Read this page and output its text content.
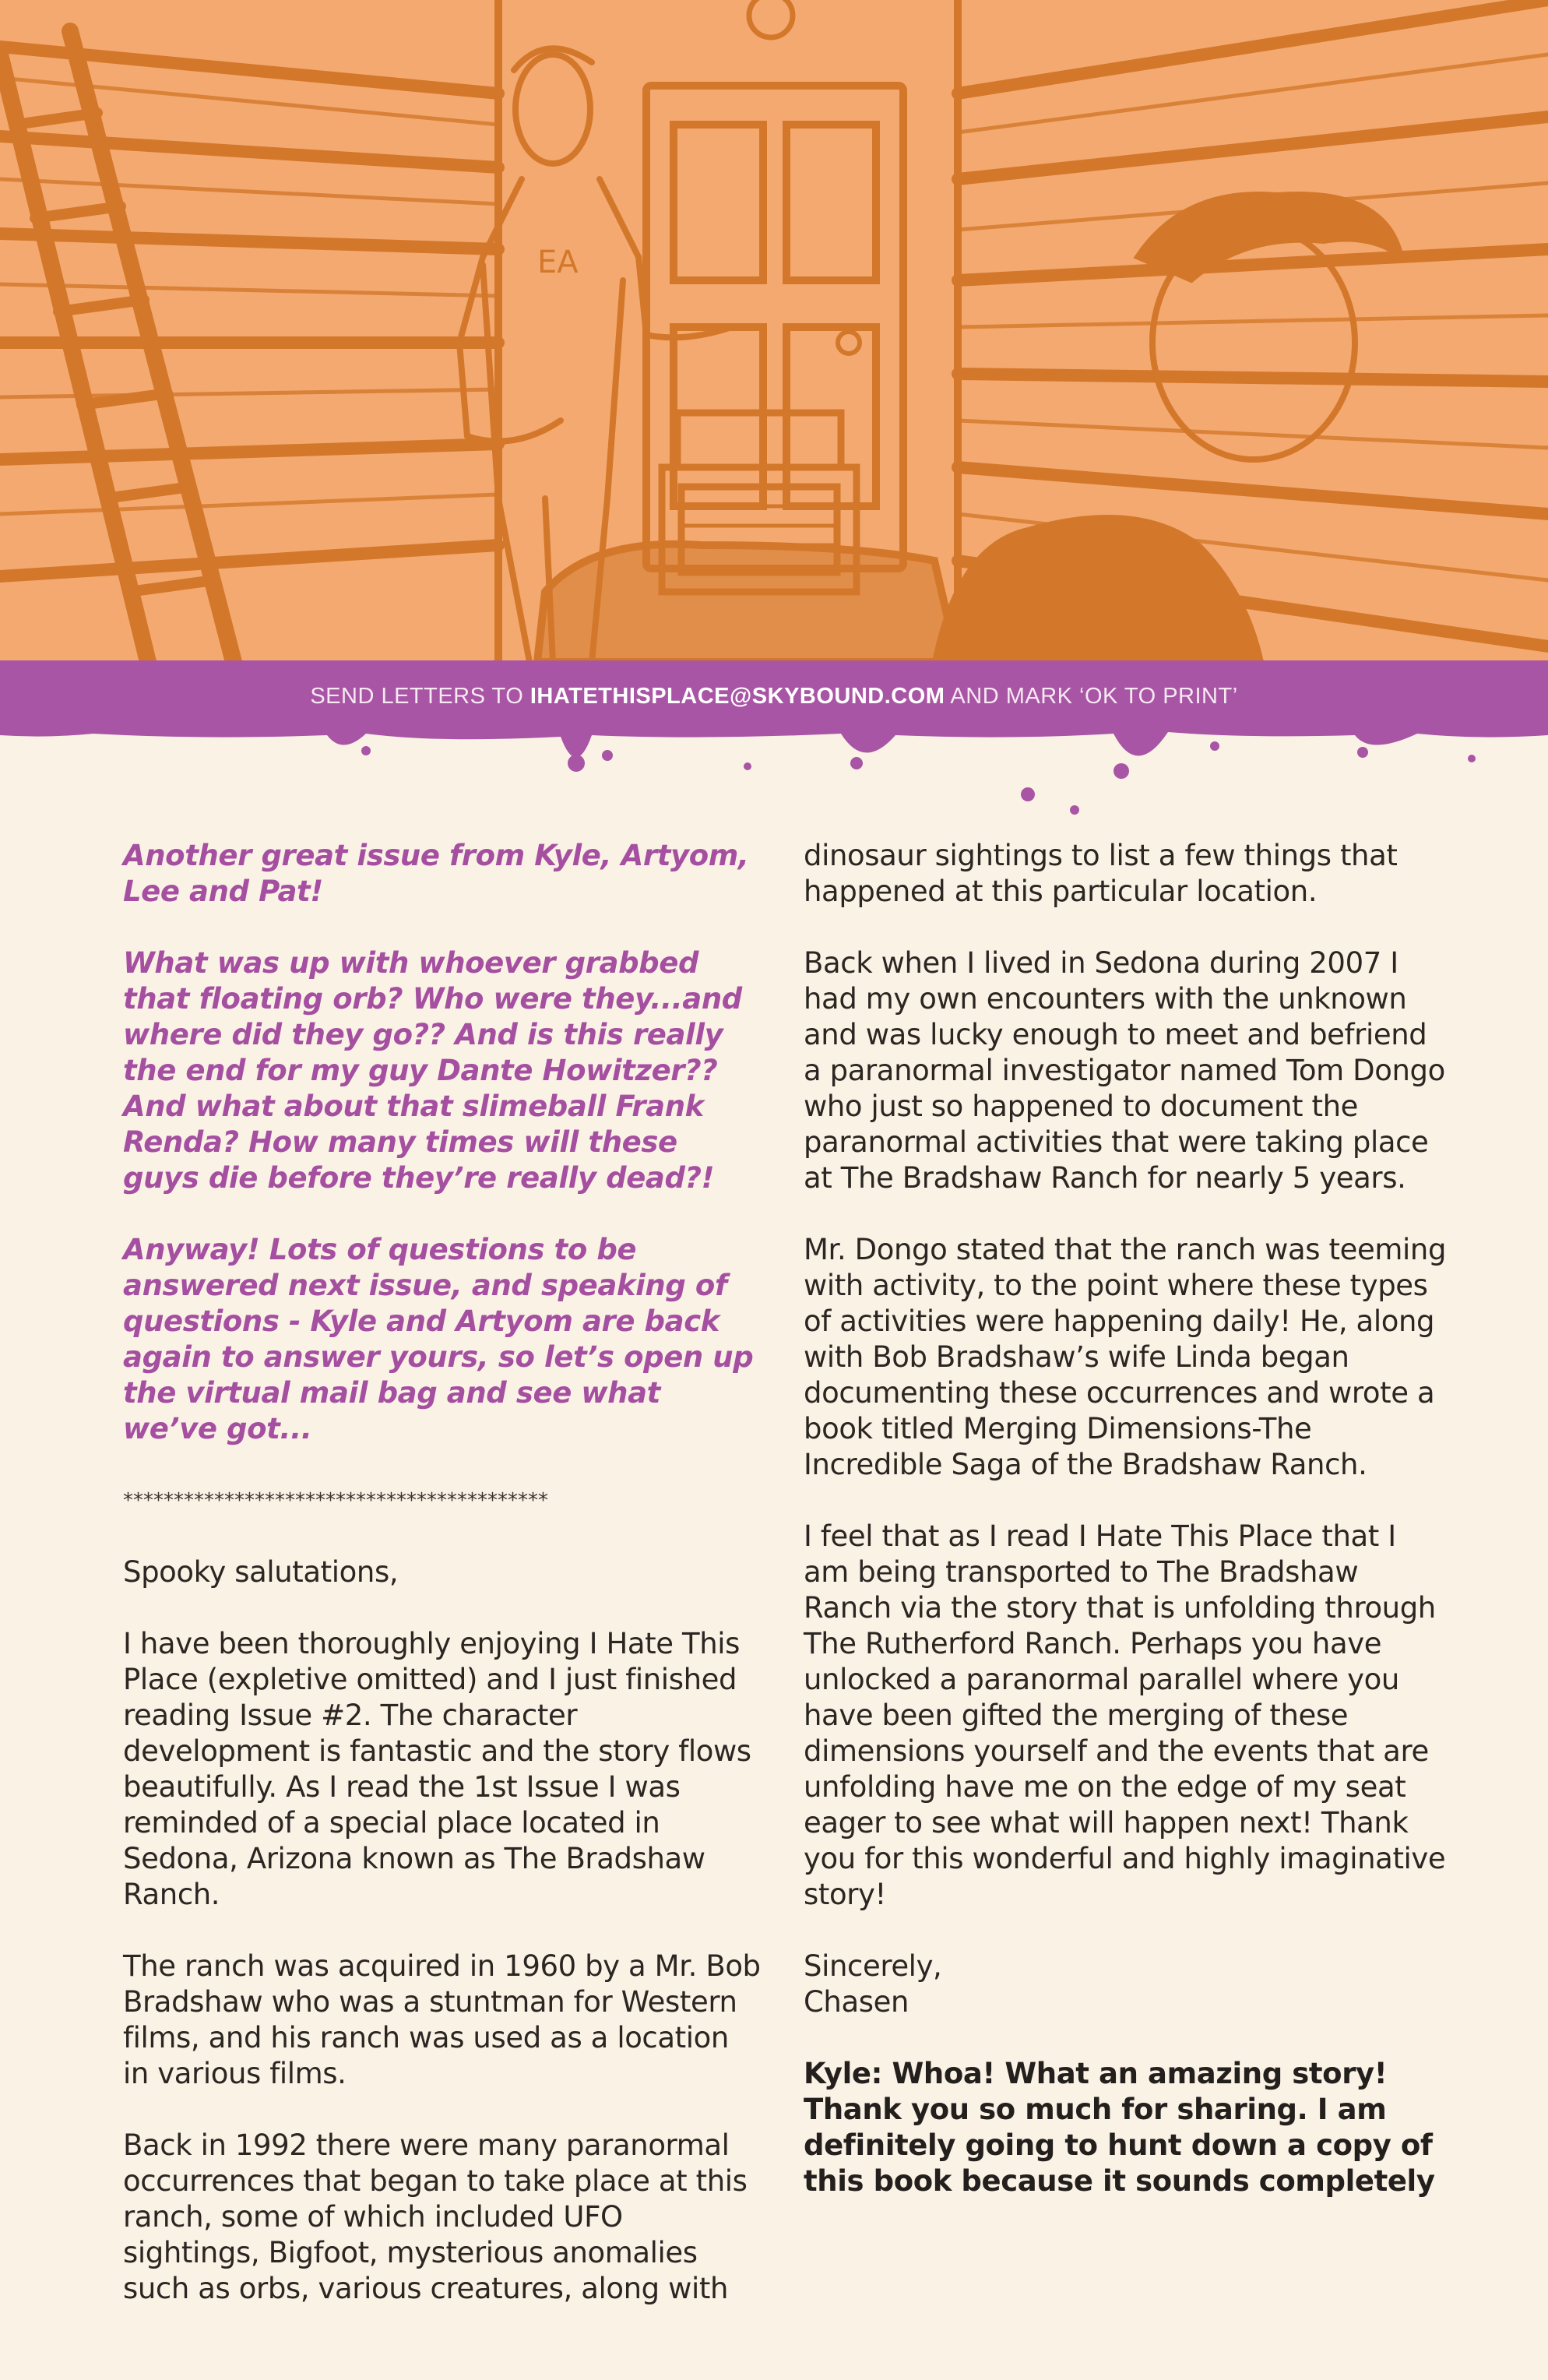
EA
SEND LETTERS TO IHATETHISPLACE@SKYBOUND.COM AND MARK ‘OK TO PRINT’

Another great issue from Kyle, Artyom, Lee and Pat!

What was up with whoever grabbed that floating orb? Who were they...and where did they go?? And is this really the end for my guy Dante Howitzer?? And what about that slimeball Frank Renda? How many times will these guys die before they’re really dead?!

Anyway! Lots of questions to be answered next issue, and speaking of questions - Kyle and Artyom are back again to answer yours, so let’s open up the virtual mail bag and see what we’ve got...

******************************************

Spooky salutations,

I have been thoroughly enjoying I Hate This Place (expletive omitted) and I just finished reading Issue #2. The character development is fantastic and the story flows beautifully. As I read the 1st Issue I was reminded of a special place located in Sedona, Arizona known as The Bradshaw Ranch.

The ranch was acquired in 1960 by a Mr. Bob Bradshaw who was a stuntman for Western films, and his ranch was used as a location in various films.

Back in 1992 there were many paranormal occurrences that began to take place at this ranch, some of which included UFO sightings, Bigfoot, mysterious anomalies such as orbs, various creatures, along with

dinosaur sightings to list a few things that happened at this particular location.

Back when I lived in Sedona during 2007 I had my own encounters with the unknown and was lucky enough to meet and befriend a paranormal investigator named Tom Dongo who just so happened to document the paranormal activities that were taking place at The Bradshaw Ranch for nearly 5 years.

Mr. Dongo stated that the ranch was teeming with activity, to the point where these types of activities were happening daily! He, along with Bob Bradshaw’s wife Linda began documenting these occurrences and wrote a book titled Merging Dimensions-The Incredible Saga of the Bradshaw Ranch.

I feel that as I read I Hate This Place that I am being transported to The Bradshaw Ranch via the story that is unfolding through The Rutherford Ranch. Perhaps you have unlocked a paranormal parallel where you have been gifted the merging of these dimensions yourself and the events that are unfolding have me on the edge of my seat eager to see what will happen next! Thank you for this wonderful and highly imaginative story!

Sincerely,
Chasen

Kyle: Whoa! What an amazing story! Thank you so much for sharing. I am definitely going to hunt down a copy of this book because it sounds completely
